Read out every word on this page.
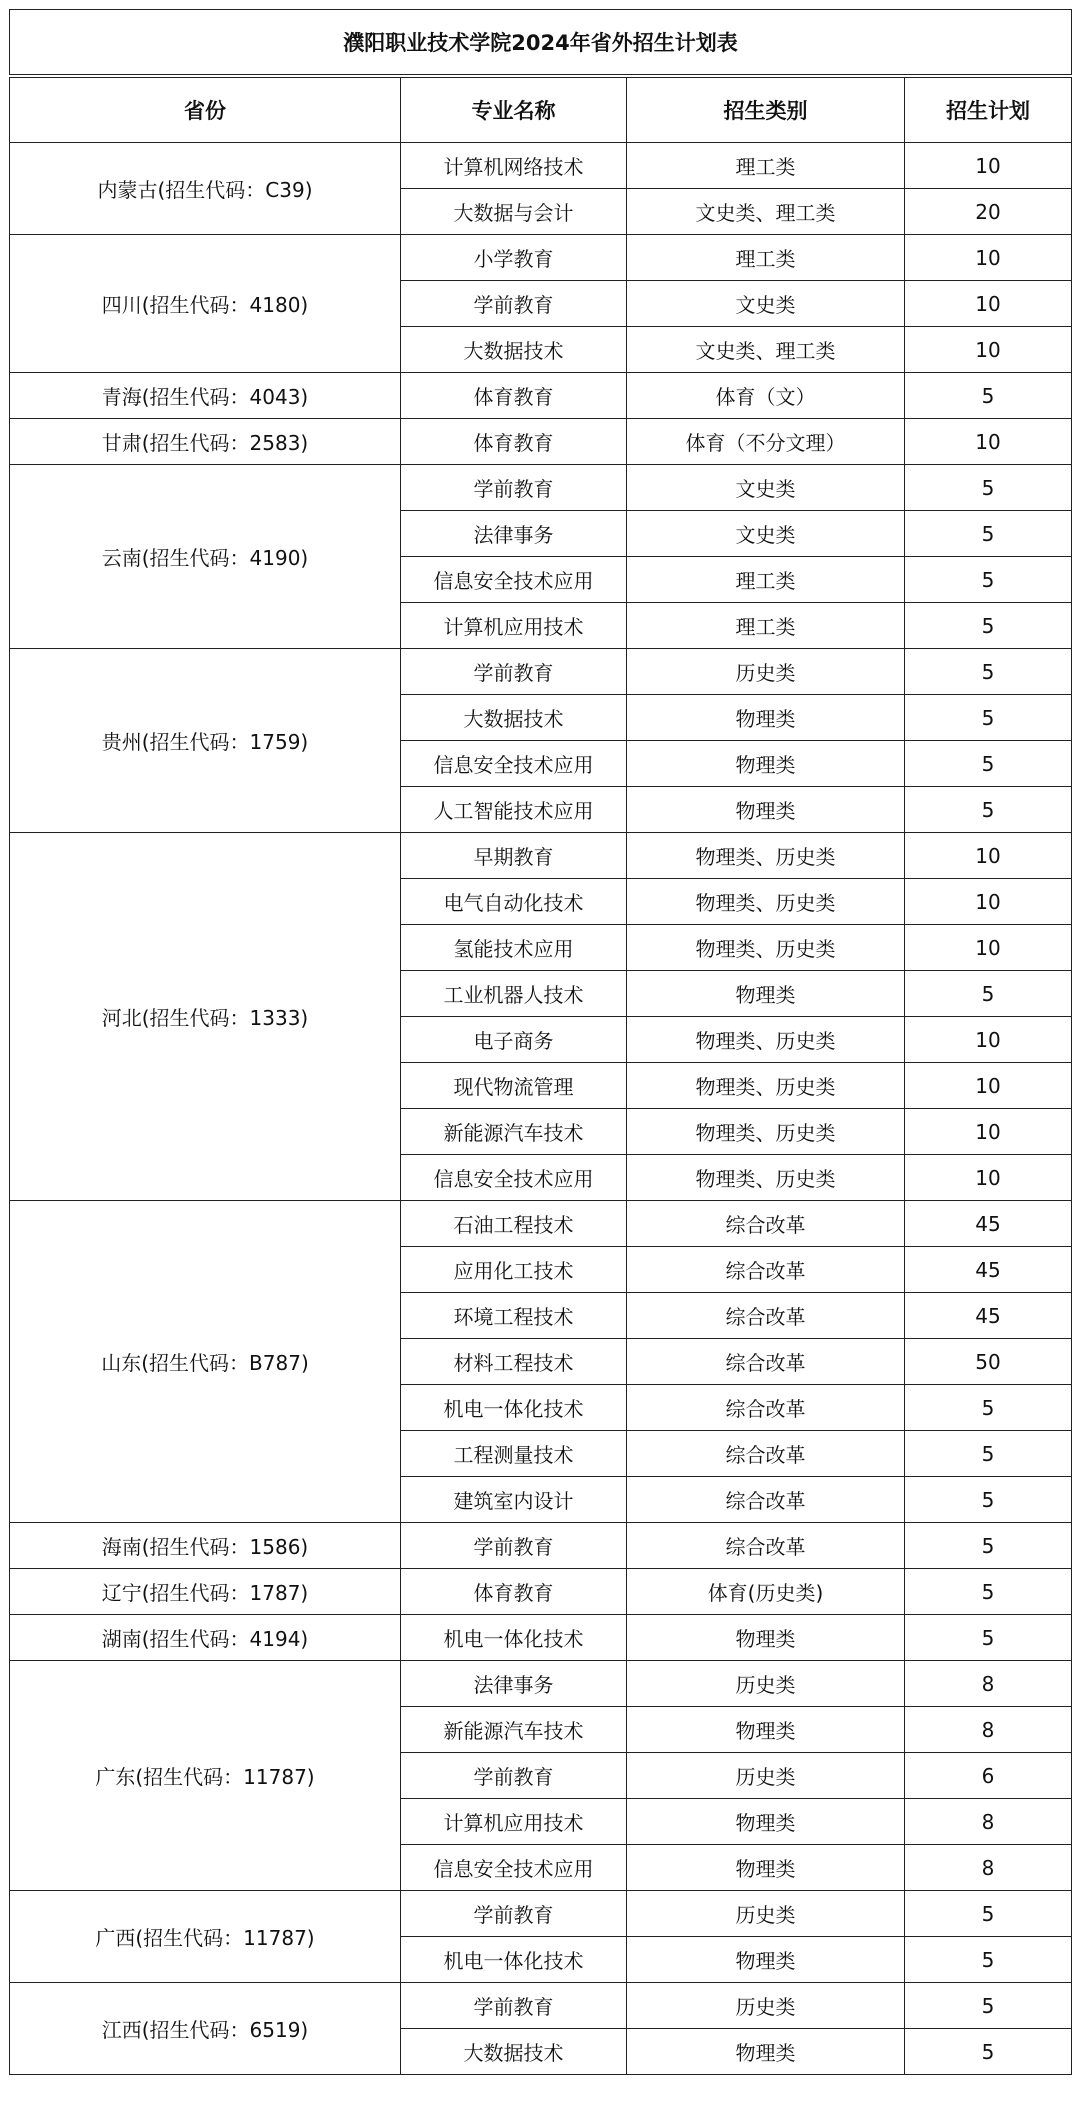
濮阳职业技术学院2024年省外招生计划表			

省份	专业名称	招生类别	招生计划
内蒙古(招生代码：C39)	计算机网络技术	理工类	10
	大数据与会计	文史类、理工类	20
四川(招生代码：4180)	小学教育	理工类	10
	学前教育	文史类	10
	大数据技术	文史类、理工类	10
青海(招生代码：4043)	体育教育	体育（文）	5
甘肃(招生代码：2583)	体育教育	体育（不分文理）	10
云南(招生代码：4190)	学前教育	文史类	5
	法律事务	文史类	5
	信息安全技术应用	理工类	5
	计算机应用技术	理工类	5
贵州(招生代码：1759)	学前教育	历史类	5
	大数据技术	物理类	5
	信息安全技术应用	物理类	5
	人工智能技术应用	物理类	5
河北(招生代码：1333)	早期教育	物理类、历史类	10
	电气自动化技术	物理类、历史类	10
	氢能技术应用	物理类、历史类	10
	工业机器人技术	物理类	5
	电子商务	物理类、历史类	10
	现代物流管理	物理类、历史类	10
	新能源汽车技术	物理类、历史类	10
	信息安全技术应用	物理类、历史类	10
山东(招生代码：B787)	石油工程技术	综合改革	45
	应用化工技术	综合改革	45
	环境工程技术	综合改革	45
	材料工程技术	综合改革	50
	机电一体化技术	综合改革	5
	工程测量技术	综合改革	5
	建筑室内设计	综合改革	5
海南(招生代码：1586)	学前教育	综合改革	5
辽宁(招生代码：1787)	体育教育	体育(历史类)	5
湖南(招生代码：4194)	机电一体化技术	物理类	5
广东(招生代码：11787)	法律事务	历史类	8
	新能源汽车技术	物理类	8
	学前教育	历史类	6
	计算机应用技术	物理类	8
	信息安全技术应用	物理类	8
广西(招生代码：11787)	学前教育	历史类	5
	机电一体化技术	物理类	5
江西(招生代码：6519)	学前教育	历史类	5
	大数据技术	物理类	5
